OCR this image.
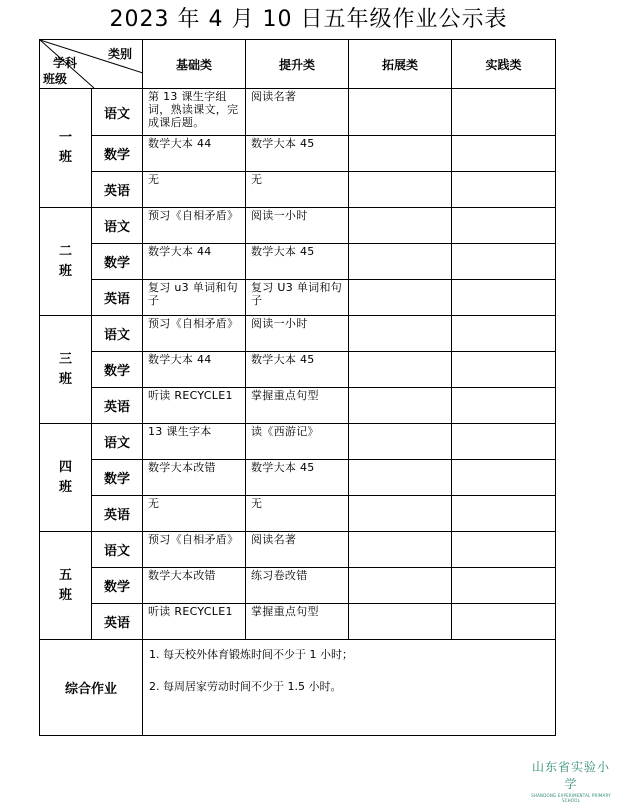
2023 年 4 月 10 日五年级作业公示表
类别
学科
班级		基础类	提升类	拓展类	实践类

一
班	语文	第 13 课生字组词，熟读课文，完成课后题。	阅读名著		
	数学	数学大本 44	数学大本 45		
	英语	无	无		

二
班	语文	预习《自相矛盾》	阅读一小时		
	数学	数学大本 44	数学大本 45		
	英语	复习 u3 单词和句子	复习 U3 单词和句子		

三
班	语文	预习《自相矛盾》	阅读一小时		
	数学	数学大本 44	数学大本 45		
	英语	听读 RECYCLE1	掌握重点句型		

四
班	语文	13 课生字本	读《西游记》		
	数学	数学大本改错	数学大本 45		
	英语	无	无		

五
班	语文	预习《自相矛盾》	阅读名著		
	数学	数学大本改错	练习卷改错		
	英语	听读 RECYCLE1	掌握重点句型		
综合作业		1. 每天校外体育锻炼时间不少于 1 小时；

2. 每周居家劳动时间不少于 1.5 小时。			

山东省实验小学
SHANDONG EXPERIMENTAL PRIMARY SCHOOL
